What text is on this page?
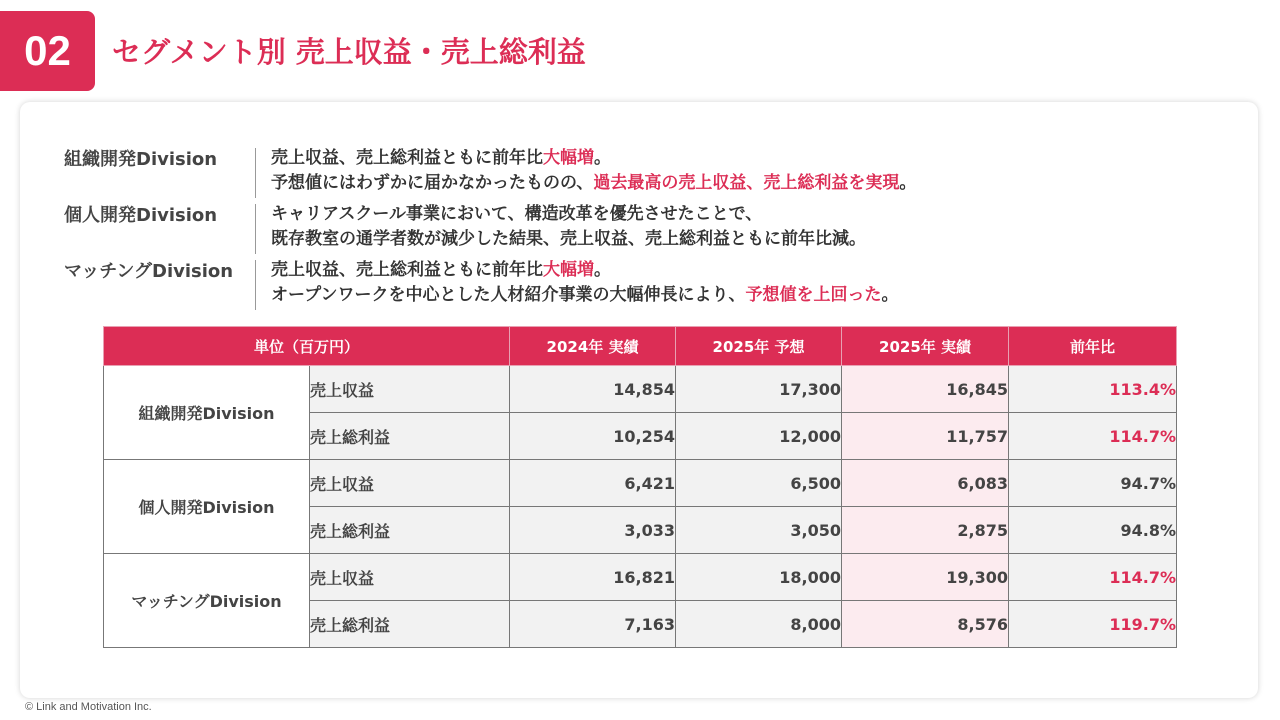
02	セグメント別 売上収益・売上総利益
組織開発Division	売上収益、売上総利益ともに前年比大幅増。
予想値にはわずかに届かなかったものの、過去最高の売上収益、売上総利益を実現。
個人開発Division	キャリアスクール事業において、構造改革を優先させたことで、
既存教室の通学者数が減少した結果、売上収益、売上総利益ともに前年比減。
マッチングDivision 売上収益、売上総利益ともに前年比大幅増。
オープンワークを中心とした人材紹介事業の大幅伸長により、予想値を上回った。
単位（百万円）		2024年 実績	2025年 予想	2025年 実績	前年比
組織開発Division	売上収益	14,854	17,300	16,845	113.4%
	売上総利益	10,254	12,000	11,757	114.7%
個人開発Division	売上収益	6,421	6,500	6,083	94.7%
	売上総利益	3,033	3,050	2,875	94.8%
マッチングDivision	売上収益	16,821	18,000	19,300	114.7%
	売上総利益	7,163	8,000	8,576	119.7%
© Link and Motivation Inc.
